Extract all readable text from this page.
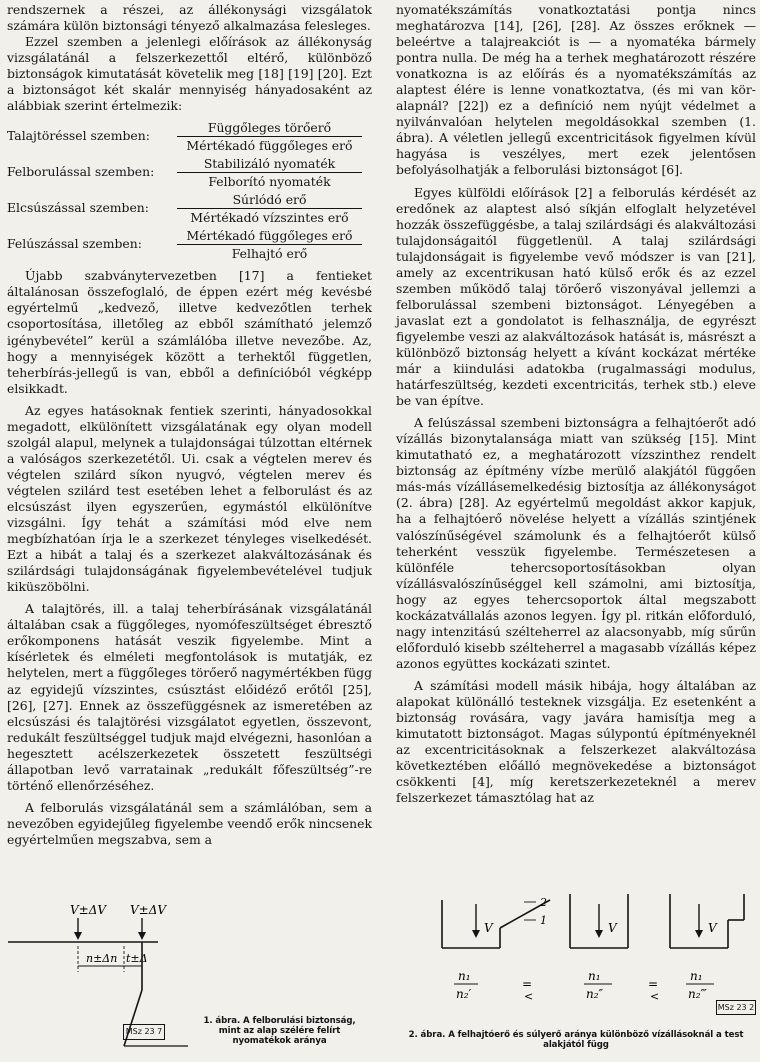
rendszernek a részei, az állékonysági vizsgálatok számára külön biztonsági tényező alkalmazása felesleges.

Ezzel szemben a jelenlegi előírások az állékonyság vizsgálatánál a felszerkezettől eltérő, különböző biztonságok kimutatását követelik meg [18] [19] [20]. Ezt a biztonságot két skalár mennyiség hányadosaként az alábbiak szerint értelmezik:

Talajtöréssel szemben:
Függőleges törőerő
Mértékadó függőleges erő
Felborulással szemben:
Stabilizáló nyomaték
Felborító nyomaték
Elcsúszással szemben:
Súrlódó erő
Mértékadó vízszintes erő
Felúszással szemben:
Mértékadó függőleges erő
Felhajtó erő

Újabb szabványtervezetben [17] a fentieket általánosan összefoglaló, de éppen ezért még kevésbé egyértelmű „kedvező, illetve kedvezőtlen terhek csoportosítása, illetőleg az ebből számítható jelemző igénybevétel” kerül a számlálóba illetve nevezőbe. Az, hogy a mennyiségek között a terhektől független, teherbírás-jellegű is van, ebből a definícióból végképp elsikkadt.

Az egyes hatásoknak fentiek szerinti, hányadosokkal megadott, elkülönített vizsgálatának egy olyan modell szolgál alapul, melynek a tulajdonságai túlzottan eltérnek a valóságos szerkezetétől. Ui. csak a végtelen merev és végtelen szilárd síkon nyugvó, végtelen merev és végtelen szilárd test esetében lehet a felborulást és az elcsúszást ilyen egyszerűen, egymástól elkülönítve vizsgálni. Így tehát a számítási mód elve nem megbízhatóan írja le a szerkezet tényleges viselkedését. Ezt a hibát a talaj és a szerkezet alakváltozásának és szilárdsági tulajdonságának figyelembevételével tudjuk kiküszöbölni.

A talajtörés, ill. a talaj teherbírásának vizsgálatánál általában csak a függőleges, nyomófeszültséget ébresztő erőkomponens hatását veszik figyelembe. Mint a kísérletek és elméleti megfontolások is mutatják, ez helytelen, mert a függőleges törőerő nagymértékben függ az egyidejű vízszintes, csúsztást előidéző erőtől [25], [26], [27]. Ennek az összefüggésnek az ismeretében az elcsúszási és talajtörési vizsgálatot egyetlen, összevont, redukált feszültséggel tudjuk majd elvégezni, hasonlóan a hegesztett acélszerkezetek összetett feszültségi állapotban levő varratainak „redukált főfeszültség”-re történő ellenőrzéséhez.

A felborulás vizsgálatánál sem a számlálóban, sem a nevezőben egyidejűleg figyelembe veendő erők nincsenek egyértelműen megszabva, sem a

nyomatékszámítás vonatkoztatási pontja nincs meghatározva [14], [26], [28]. Az összes erőknek — beleértve a talajreakciót is — a nyomatéka bármely pontra nulla. De még ha a terhek meghatározott részére vonatkozna is az előírás és a nyomatékszámítás az alaptest élére is lenne vonatkoztatva, (és mi van kör-alapnál? [22]) ez a definíció nem nyújt védelmet a nyilvánvalóan helytelen megoldásokkal szemben (1. ábra). A véletlen jellegű excentricitások figyelmen kívül hagyása is veszélyes, mert ezek jelentősen befolyásolhatják a felborulási biztonságot [6].

Egyes külföldi előírások [2] a felborulás kérdését az eredőnek az alaptest alsó síkján elfoglalt helyzetével hozzák összefüggésbe, a talaj szilárdsági és alakváltozási tulajdonságaitól függetlenül. A talaj szilárdsági tulajdonságait is figyelembe vevő módszer is van [21], amely az excentrikusan ható külső erők és az ezzel szemben működő talaj törőerő viszonyával jellemzi a felborulással szembeni biztonságot. Lényegében a javaslat ezt a gondolatot is felhasználja, de egyrészt figyelembe veszi az alakváltozások hatását is, másrészt a különböző biztonság helyett a kívánt kockázat mértéke már a kiindulási adatokba (rugalmassági modulus, határfeszültség, kezdeti excentricitás, terhek stb.) eleve be van építve.

A felúszással szembeni biztonságra a felhajtóerőt adó vízállás bizonytalansága miatt van szükség [15]. Mint kimutatható ez, a meghatározott vízszinthez rendelt biztonság az építmény vízbe merülő alakjától függően más-más vízállásemelkedésig biztosítja az állékonyságot (2. ábra) [28]. Az egyértelmű megoldást akkor kapjuk, ha a felhajtóerő növelése helyett a vízállás szintjének valószínűségével számolunk és a felhajtóerőt külső teherként vesszük figyelembe. Természetesen a különféle tehercsoportosításokban olyan vízállásvalószínűséggel kell számolni, ami biztosítja, hogy az egyes tehercsoportok által megszabott kockázatvállalás azonos legyen. Így pl. ritkán előforduló, nagy intenzitású szélteherrel az alacsonyabb, míg sűrűn előforduló kisebb szélteherrel a magasabb vízállás képez azonos együttes kockázati szintet.

A számítási modell másik hibája, hogy általában az alapokat különálló testeknek vizsgálja. Ez esetenként a biztonság rovására, vagy javára hamisítja meg a kimutatott biztonságot. Magas súlypontú építményeknél az excentricitásoknak a felszerkezet alakváltozása következtében előálló megnövekedése a biztonságot csökkenti [4], míg keretszerkezeteknél a merev felszerkezet támasztólag hat az

V±ΔV V±ΔV
n±Δn t±Δ
MSz 23 7
1. ábra. A felborulási biztonság, mint az alap szélére felírt nyomatékok aránya
V
2
1
V	V
n₁
n₂′
=
<
n₁
n₂″
=
<
n₁
n₂‴
MSz 23 2
2. ábra. A felhajtóerő és súlyerő aránya különböző vízállásoknál a test alakjától függ
